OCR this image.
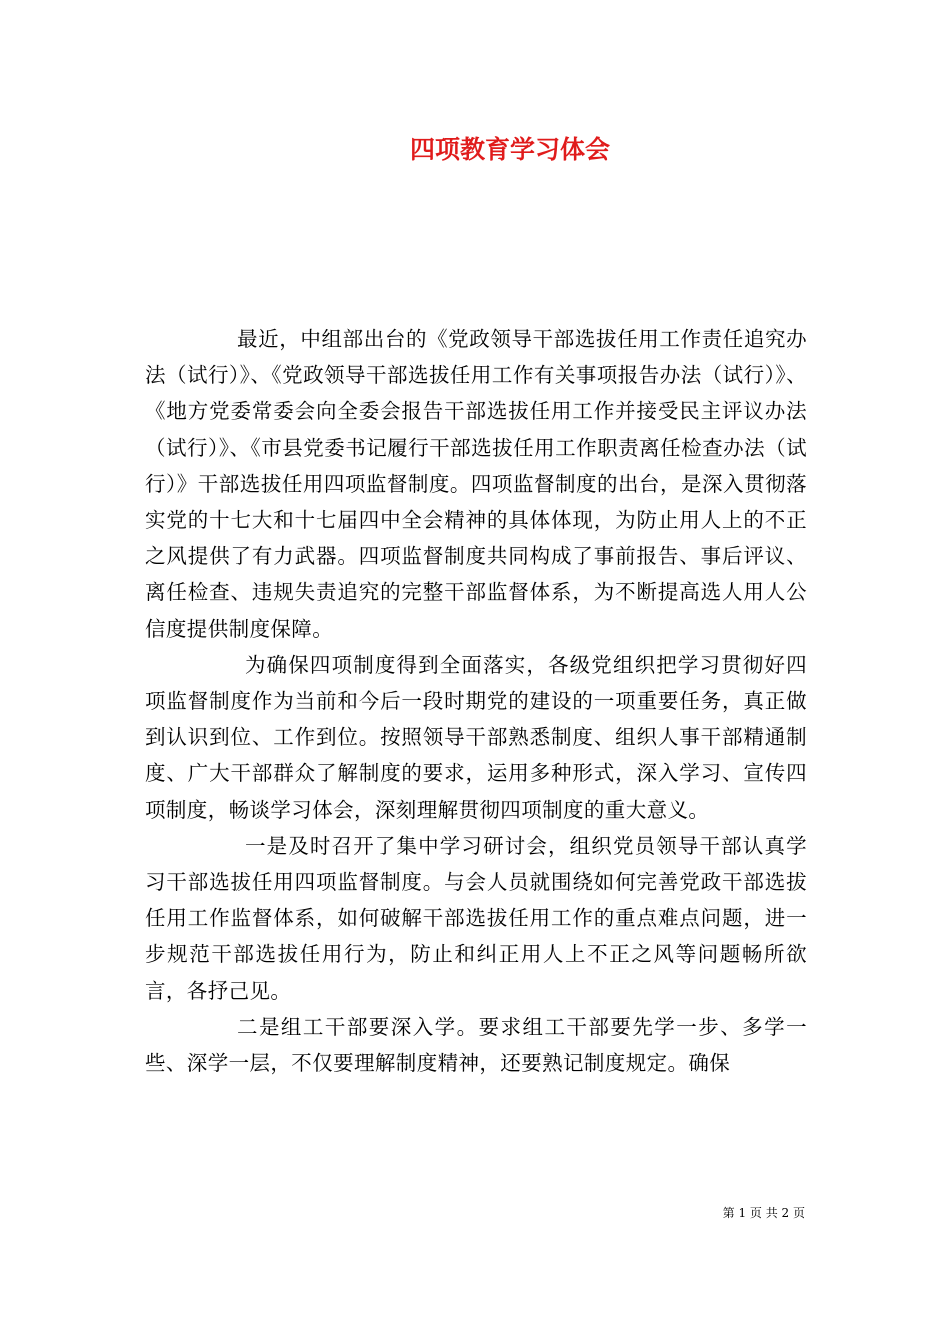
四项教育学习体会

最近，中组部出台的《党政领导干部选拔任用工作责任追究办法（试行）》、《党政领导干部选拔任用工作有关事项报告办法（试行）》、《地方党委常委会向全委会报告干部选拔任用工作并接受民主评议办法（试行）》、《市县党委书记履行干部选拔任用工作职责离任检查办法（试行）》干部选拔任用四项监督制度。四项监督制度的出台，是深入贯彻落实党的十七大和十七届四中全会精神的具体体现，为防止用人上的不正之风提供了有力武器。四项监督制度共同构成了事前报告、事后评议、离任检查、违规失责追究的完整干部监督体系，为不断提高选人用人公信度提供制度保障。

为确保四项制度得到全面落实，各级党组织把学习贯彻好四项监督制度作为当前和今后一段时期党的建设的一项重要任务，真正做到认识到位、工作到位。按照领导干部熟悉制度、组织人事干部精通制度、广大干部群众了解制度的要求，运用多种形式，深入学习、宣传四项制度，畅谈学习体会，深刻理解贯彻四项制度的重大意义。

一是及时召开了集中学习研讨会，组织党员领导干部认真学习干部选拔任用四项监督制度。与会人员就围绕如何完善党政干部选拔任用工作监督体系，如何破解干部选拔任用工作的重点难点问题，进一步规范干部选拔任用行为，防止和纠正用人上不正之风等问题畅所欲言，各抒己见。

二是组工干部要深入学。要求组工干部要先学一步、多学一些、深学一层，不仅要理解制度精神，还要熟记制度规定。确保

第 1 页 共 2 页
